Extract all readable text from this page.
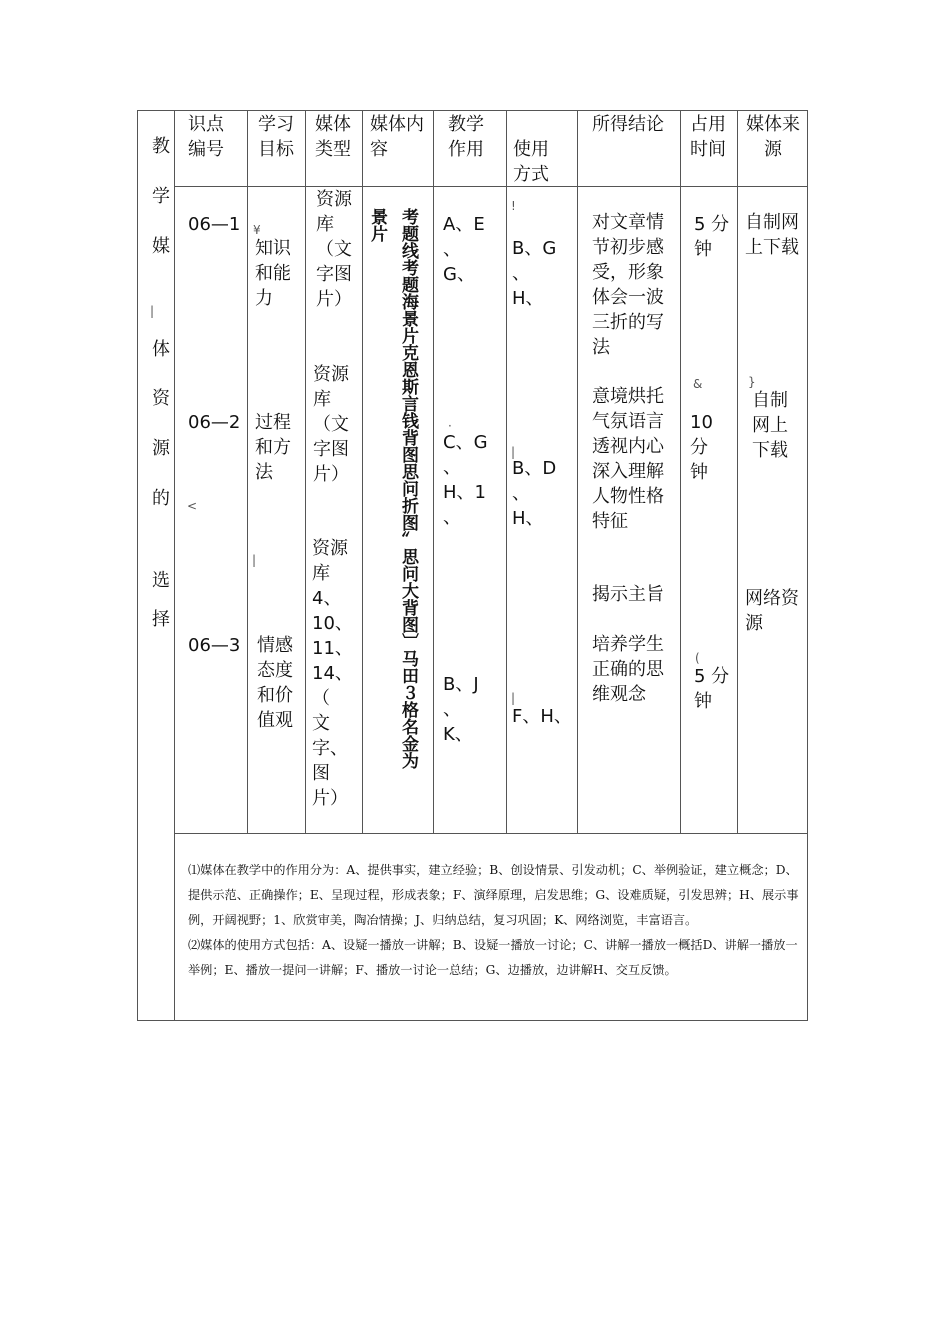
教
学
媒
体
资
源
的
选
择
识点
编号
学习
目标
媒体
类型
媒体内
容
教学
作用 使用
方式
所得结论 占用
时间
媒体来
源
06—1
知识
和能
力
资源
库
（文
字图
片）
A、E
、
G、
B、G
、
H、
对文章情
节初步感
受，形象
体会一波
三折的写
法
5 分
钟
自制网
上下载
06—2 过程
和方
法
资源
库
（文
字图
片）
C、G
、
H、1
、
B、D
、
H、
意境烘托
气氛语言
透视内心
深入理解
人物性格
特征
10
分
钟
自制
网上
下载
06—3 情感
态度
和价
值观
资源
库
4、
10、
11、
14、
（
文
字、
图
片）
B、J
、
K、
F、H、
揭示主旨
培养学生
正确的思
维观念
5 分
钟
网络资
源
景片 考题线考题海景片克恩斯言钱背图思问折图〞思问大背图〕马田３格名金为
¥
|
!
&	}
·
|
<
|
|
(

⑴媒体在教学中的作用分为：A、提供事实，建立经验；B、创设情景、引发动机；C、举例验证，建立概念；D、提供示范、正确操作；E、呈现过程，形成表象；F、演绎原理，启发思维；G、设难质疑，引发思辨；H、展示事例，开阔视野；1、欣赏审美，陶冶情操；J、归纳总结，复习巩固；K、网络浏览，丰富语言。

⑵媒体的使用方式包括：A、设疑一播放一讲解；B、设疑一播放一讨论；C、讲解一播放一概括D、讲解一播放一举例；E、播放一提问一讲解；F、播放一讨论一总结；G、边播放，边讲解H、交互反馈。
